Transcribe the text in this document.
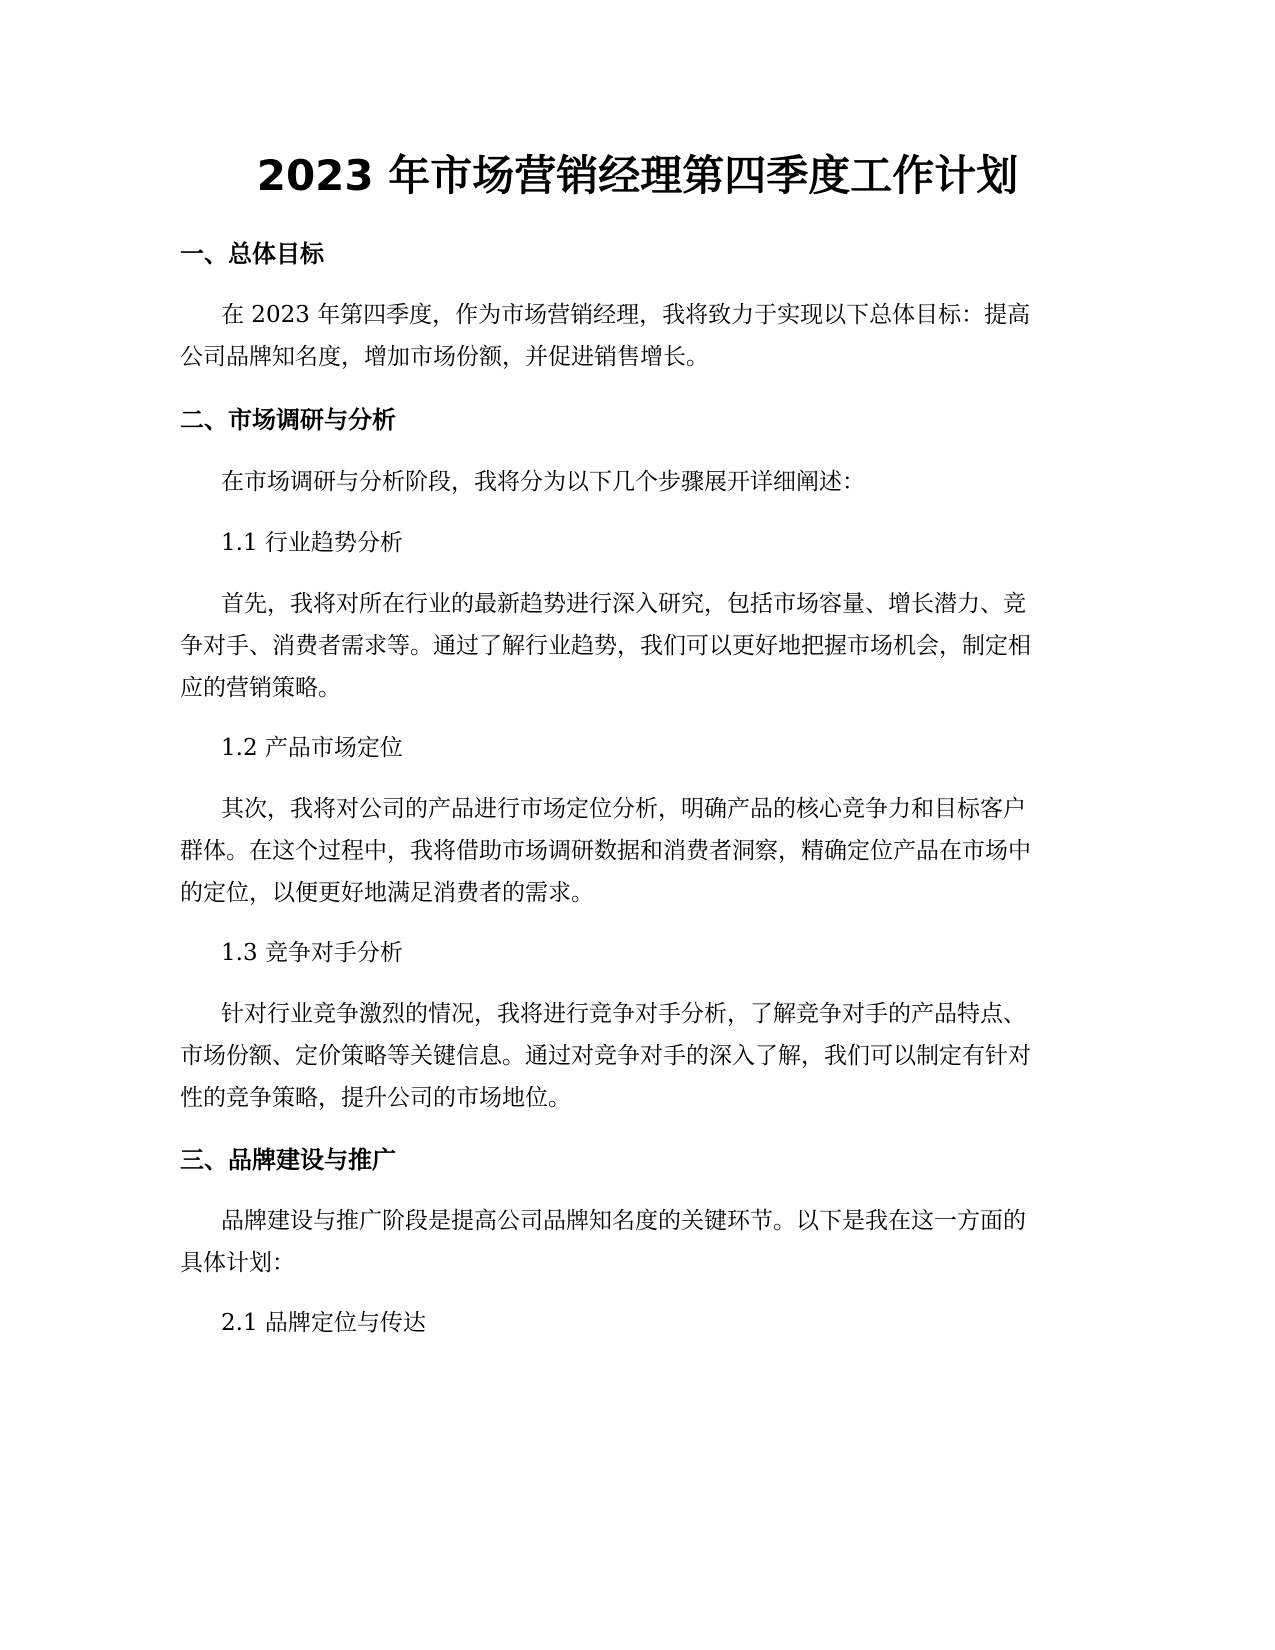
2023 年市场营销经理第四季度工作计划
一、总体目标

在 2023 年第四季度，作为市场营销经理，我将致力于实现以下总体目标：提高公司品牌知名度，增加市场份额，并促进销售增长。

二、市场调研与分析

在市场调研与分析阶段，我将分为以下几个步骤展开详细阐述：

1.1 行业趋势分析

首先，我将对所在行业的最新趋势进行深入研究，包括市场容量、增长潜力、竞争对手、消费者需求等。通过了解行业趋势，我们可以更好地把握市场机会，制定相应的营销策略。

1.2 产品市场定位

其次，我将对公司的产品进行市场定位分析，明确产品的核心竞争力和目标客户群体。在这个过程中，我将借助市场调研数据和消费者洞察，精确定位产品在市场中的定位，以便更好地满足消费者的需求。

1.3 竞争对手分析

针对行业竞争激烈的情况，我将进行竞争对手分析，了解竞争对手的产品特点、市场份额、定价策略等关键信息。通过对竞争对手的深入了解，我们可以制定有针对性的竞争策略，提升公司的市场地位。

三、品牌建设与推广

品牌建设与推广阶段是提高公司品牌知名度的关键环节。以下是我在这一方面的具体计划：

2.1 品牌定位与传达
